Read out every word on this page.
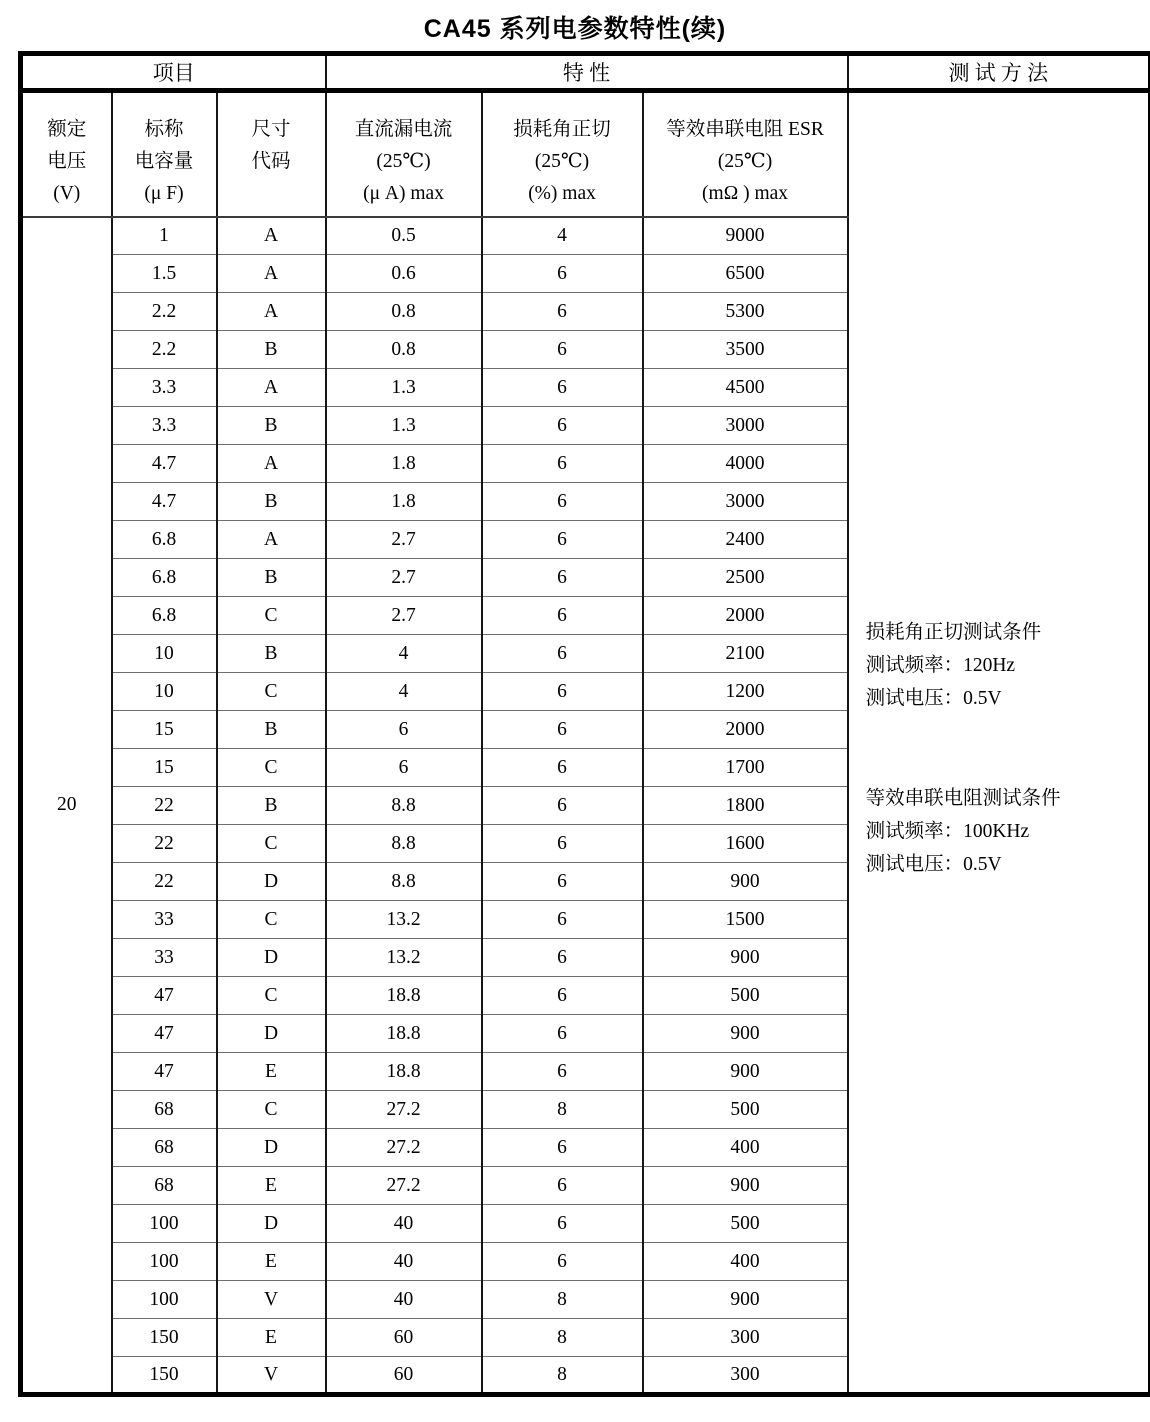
CA45 系列电参数特性(续)
项目			特 性			测 试 方 法

额定
电压
(V)

标称
电容量
(μ F)

尺寸
代码

直流漏电流
(25℃)
(μ A) max

损耗角正切
(25℃)
(%) max

等效串联电阻 ESR
(25℃)
(mΩ ) max

损耗角正切测试条件
测试频率：120Hz
测试电压：0.5V
等效串联电阻测试条件
测试频率：100KHz
测试电压：0.5V

20	1	A	0.5	4	9000	
	1.5	A	0.6	6	6500	
	2.2	A	0.8	6	5300	
	2.2	B	0.8	6	3500	
	3.3	A	1.3	6	4500	
	3.3	B	1.3	6	3000	
	4.7	A	1.8	6	4000	
	4.7	B	1.8	6	3000	
	6.8	A	2.7	6	2400	
	6.8	B	2.7	6	2500	
	6.8	C	2.7	6	2000	
	10	B	4	6	2100	
	10	C	4	6	1200	
	15	B	6	6	2000	
	15	C	6	6	1700	
	22	B	8.8	6	1800	
	22	C	8.8	6	1600	
	22	D	8.8	6	900	
	33	C	13.2	6	1500	
	33	D	13.2	6	900	
	47	C	18.8	6	500	
	47	D	18.8	6	900	
	47	E	18.8	6	900	
	68	C	27.2	8	500	
	68	D	27.2	6	400	
	68	E	27.2	6	900	
	100	D	40	6	500	
	100	E	40	6	400	
	100	V	40	8	900	
	150	E	60	8	300	
	150	V	60	8	300	
